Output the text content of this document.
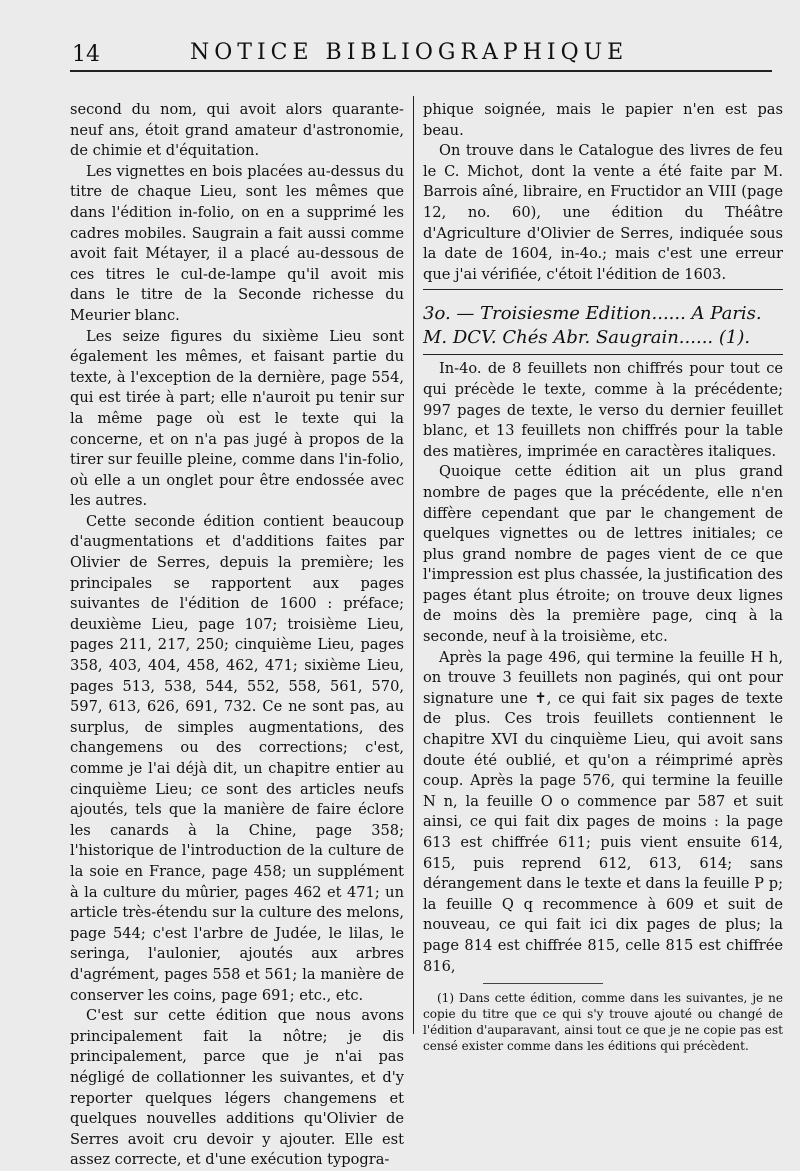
14	NOTICE BIBLIOGRAPHIQUE

second du nom, qui avoit alors quarante-neuf ans, étoit grand amateur d'astronomie, de chimie et d'équitation.

Les vignettes en bois placées au-dessus du titre de chaque Lieu, sont les mêmes que dans l'édition in-folio, on en a supprimé les cadres mobiles. Saugrain a fait aussi comme avoit fait Métayer, il a placé au-dessous de ces titres le cul-de-lampe qu'il avoit mis dans le titre de la Seconde richesse du Meurier blanc.

Les seize figures du sixième Lieu sont également les mêmes, et faisant partie du texte, à l'exception de la dernière, page 554, qui est tirée à part; elle n'auroit pu tenir sur la même page où est le texte qui la concerne, et on n'a pas jugé à propos de la tirer sur feuille pleine, comme dans l'in-folio, où elle a un onglet pour être endossée avec les autres.

Cette seconde édition contient beaucoup d'augmentations et d'additions faites par Olivier de Serres, depuis la première; les principales se rapportent aux pages suivantes de l'édition de 1600 : préface; deuxième Lieu, page 107; troisième Lieu, pages 211, 217, 250; cinquième Lieu, pages 358, 403, 404, 458, 462, 471; sixième Lieu, pages 513, 538, 544, 552, 558, 561, 570, 597, 613, 626, 691, 732. Ce ne sont pas, au surplus, de simples augmentations, des changemens ou des corrections; c'est, comme je l'ai déjà dit, un chapitre entier au cinquième Lieu; ce sont des articles neufs ajoutés, tels que la manière de faire éclore les canards à la Chine, page 358; l'historique de l'introduction de la culture de la soie en France, page 458; un supplément à la culture du mûrier, pages 462 et 471; un article très-étendu sur la culture des melons, page 544; c'est l'arbre de Judée, le lilas, le seringa, l'aulonier, ajoutés aux arbres d'agrément, pages 558 et 561; la manière de conserver les coins, page 691; etc., etc.

C'est sur cette édition que nous avons principalement fait la nôtre; je dis principalement, parce que je n'ai pas négligé de collationner les suivantes, et d'y reporter quelques légers changemens et quelques nouvelles additions qu'Olivier de Serres avoit cru devoir y ajouter. Elle est assez correcte, et d'une exécution typogra-

phique soignée, mais le papier n'en est pas beau.

On trouve dans le Catalogue des livres de feu le C. Michot, dont la vente a été faite par M. Barrois aîné, libraire, en Fructidor an VIII (page 12, no. 60), une édition du Théâtre d'Agriculture d'Olivier de Serres, indiquée sous la date de 1604, in-4o.; mais c'est une erreur que j'ai vérifiée, c'étoit l'édition de 1603.

3o. — Troisiesme Edition...... A Paris. M. DCV. Chés Abr. Saugrain...... (1).

In-4o. de 8 feuillets non chiffrés pour tout ce qui précède le texte, comme à la précédente; 997 pages de texte, le verso du dernier feuillet blanc, et 13 feuillets non chiffrés pour la table des matières, imprimée en caractères italiques.

Quoique cette édition ait un plus grand nombre de pages que la précédente, elle n'en diffère cependant que par le changement de quelques vignettes ou de lettres initiales; ce plus grand nombre de pages vient de ce que l'impression est plus chassée, la justification des pages étant plus étroite; on trouve deux lignes de moins dès la première page, cinq à la seconde, neuf à la troisième, etc.

Après la page 496, qui termine la feuille H h, on trouve 3 feuillets non paginés, qui ont pour signature une ✝, ce qui fait six pages de texte de plus. Ces trois feuillets contiennent le chapitre XVI du cinquième Lieu, qui avoit sans doute été oublié, et qu'on a réimprimé après coup. Après la page 576, qui termine la feuille N n, la feuille O o commence par 587 et suit ainsi, ce qui fait dix pages de moins : la page 613 est chiffrée 611; puis vient ensuite 614, 615, puis reprend 612, 613, 614; sans dérangement dans le texte et dans la feuille P p; la feuille Q q recommence à 609 et suit de nouveau, ce qui fait ici dix pages de plus; la page 814 est chiffrée 815, celle 815 est chiffrée 816,

(1) Dans cette édition, comme dans les suivantes, je ne copie du titre que ce qui s'y trouve ajouté ou changé de l'édition d'auparavant, ainsi tout ce que je ne copie pas est censé exister comme dans les éditions qui précèdent.
